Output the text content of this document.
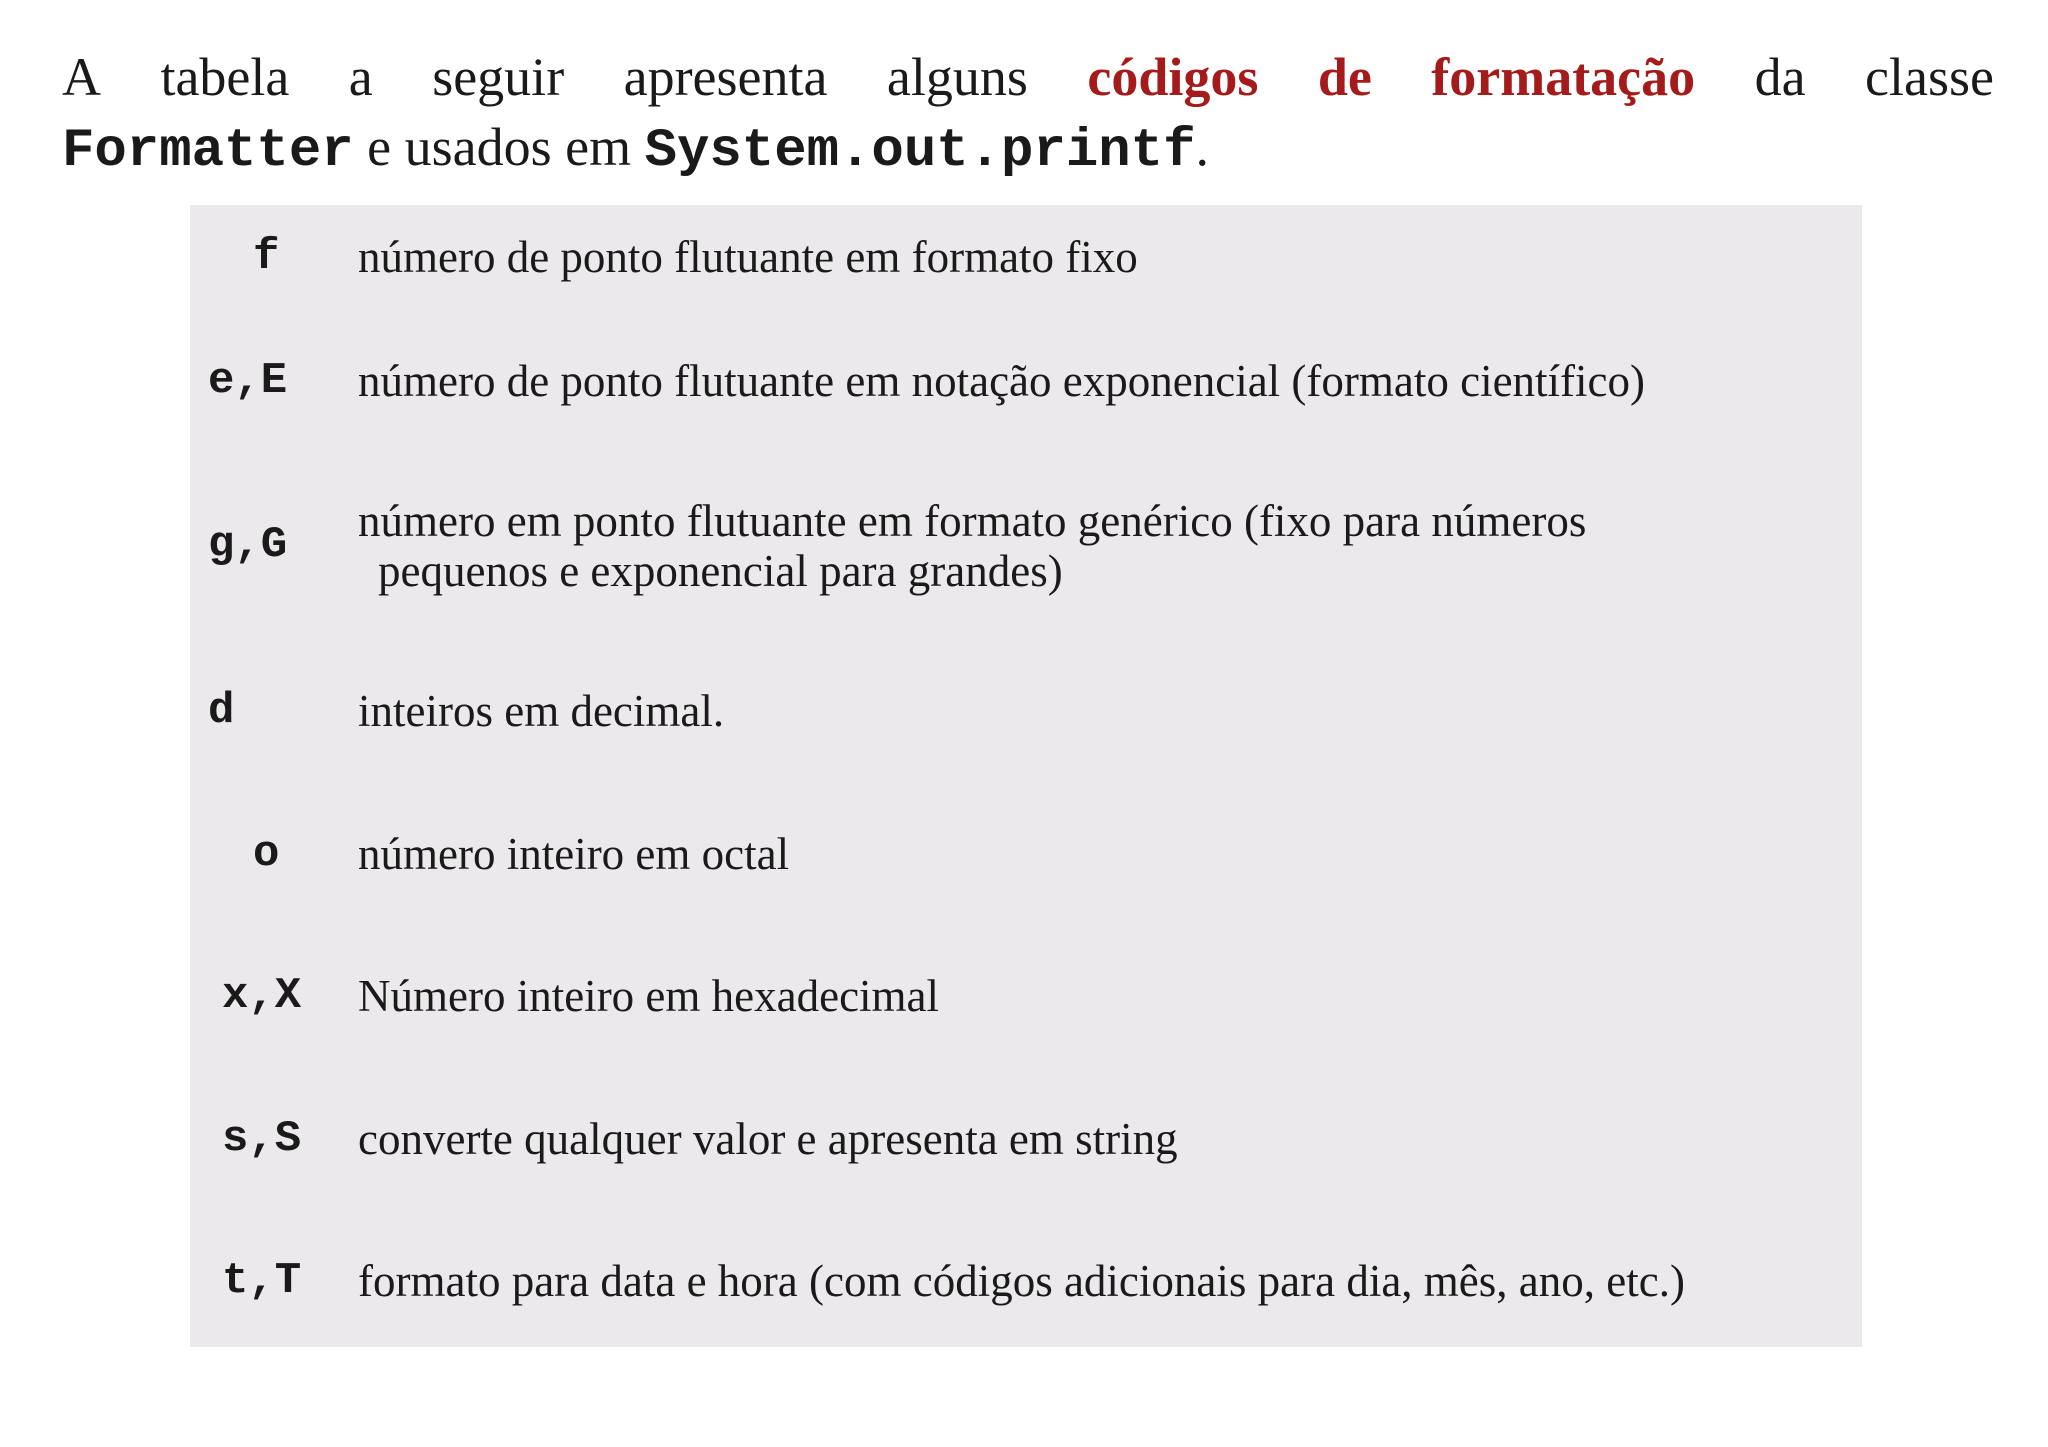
A tabela a seguir apresenta alguns códigos de formatação da classe
Formatter e usados em System.out.printf.
f número de ponto flutuante em formato fixo
e,E número de ponto flutuante em notação exponencial (formato científico)
g,G número em ponto flutuante em formato genérico (fixo para números
pequenos e exponencial para grandes)
d	inteiros em decimal.
o número inteiro em octal
x,X Número inteiro em hexadecimal
s,S converte qualquer valor e apresenta em string
t,T formato para data e hora (com códigos adicionais para dia, mês, ano, etc.)
